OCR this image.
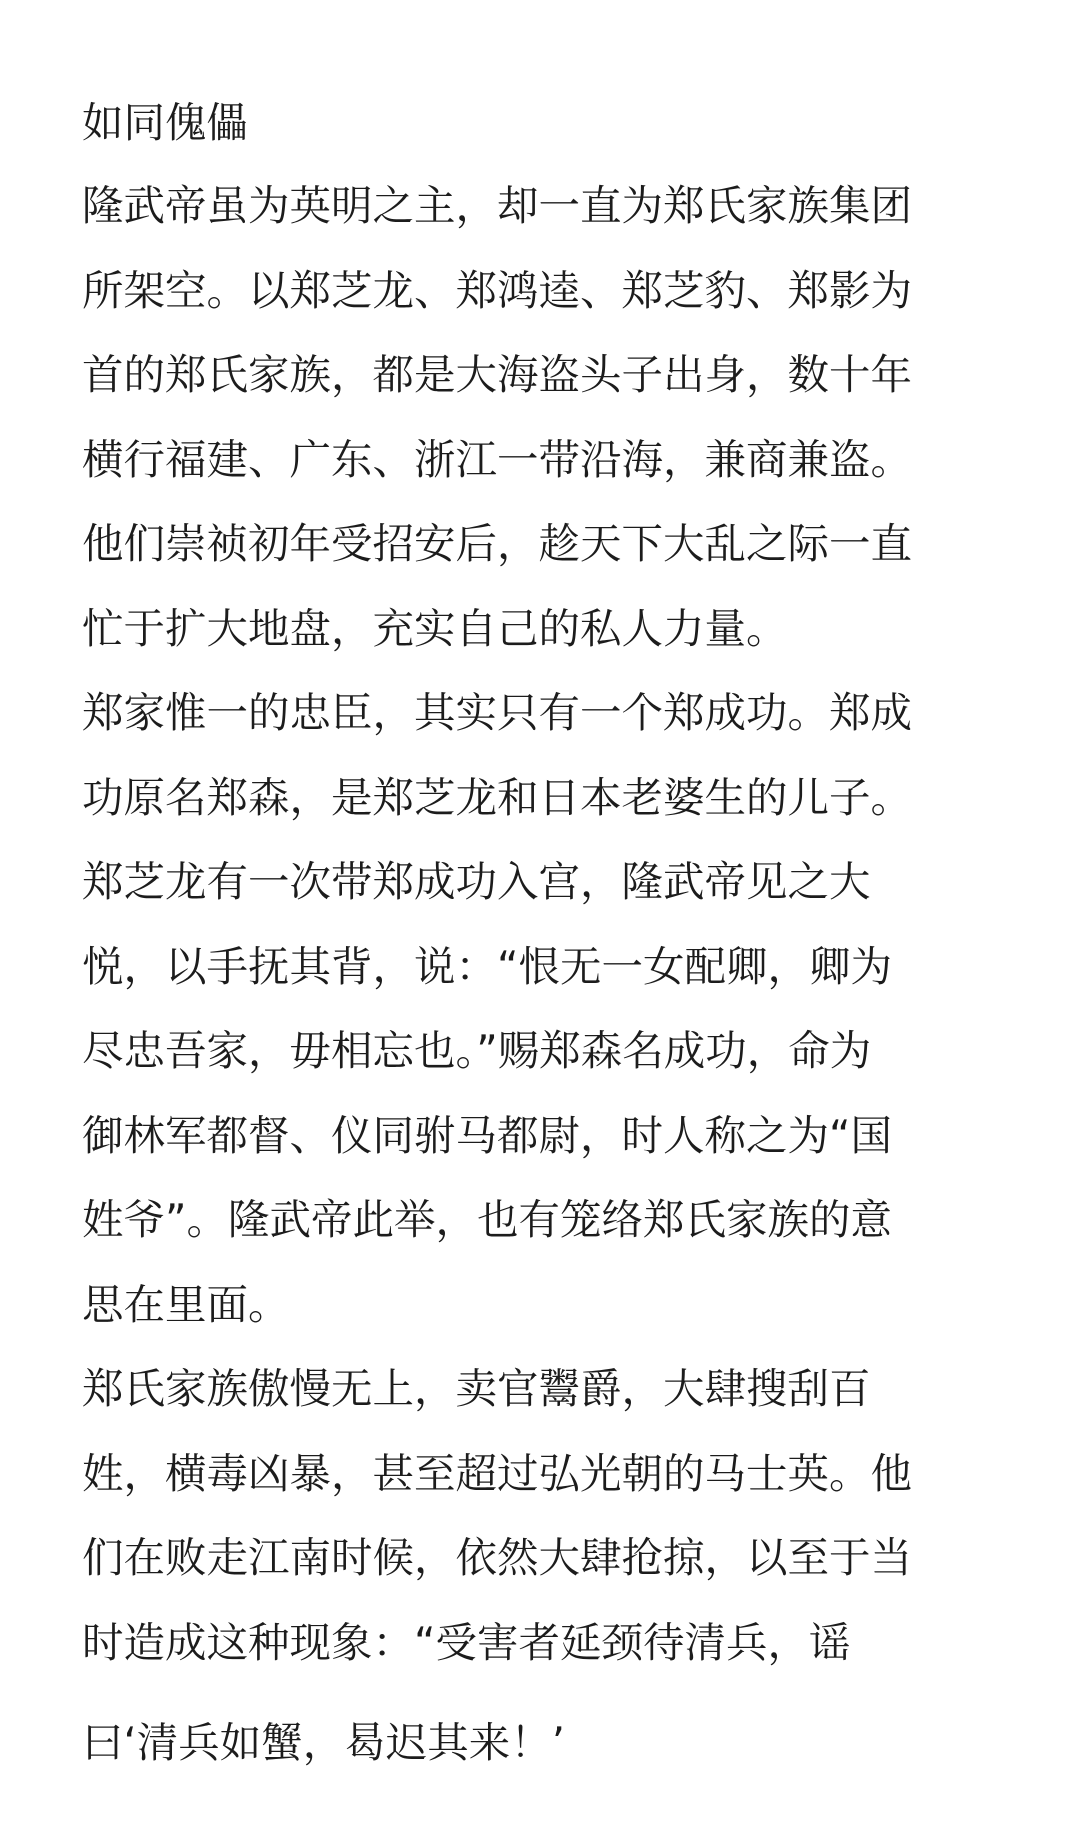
如同傀儡
隆武帝虽为英明之主，却一直为郑氏家族集团
所架空。以郑芝龙、郑鸿逵、郑芝豹、郑影为
首的郑氏家族，都是大海盗头子出身，数十年
横行福建、广东、浙江一带沿海，兼商兼盗。
他们崇祯初年受招安后，趁天下大乱之际一直
忙于扩大地盘，充实自己的私人力量。
郑家惟一的忠臣，其实只有一个郑成功。郑成
功原名郑森，是郑芝龙和日本老婆生的儿子。
郑芝龙有一次带郑成功入宫，隆武帝见之大
悦，以手抚其背，说：“恨无一女配卿，卿为
尽忠吾家，毋相忘也。”赐郑森名成功，命为
御林军都督、仪同驸马都尉，时人称之为“国
姓爷”。隆武帝此举，也有笼络郑氏家族的意
思在里面。
郑氏家族傲慢无上，卖官鬻爵，大肆搜刮百
姓，横毒凶暴，甚至超过弘光朝的马士英。他
们在败走江南时候，依然大肆抢掠，以至于当
时造成这种现象：“受害者延颈待清兵，谣
曰‘清兵如蟹，曷迟其来！’
